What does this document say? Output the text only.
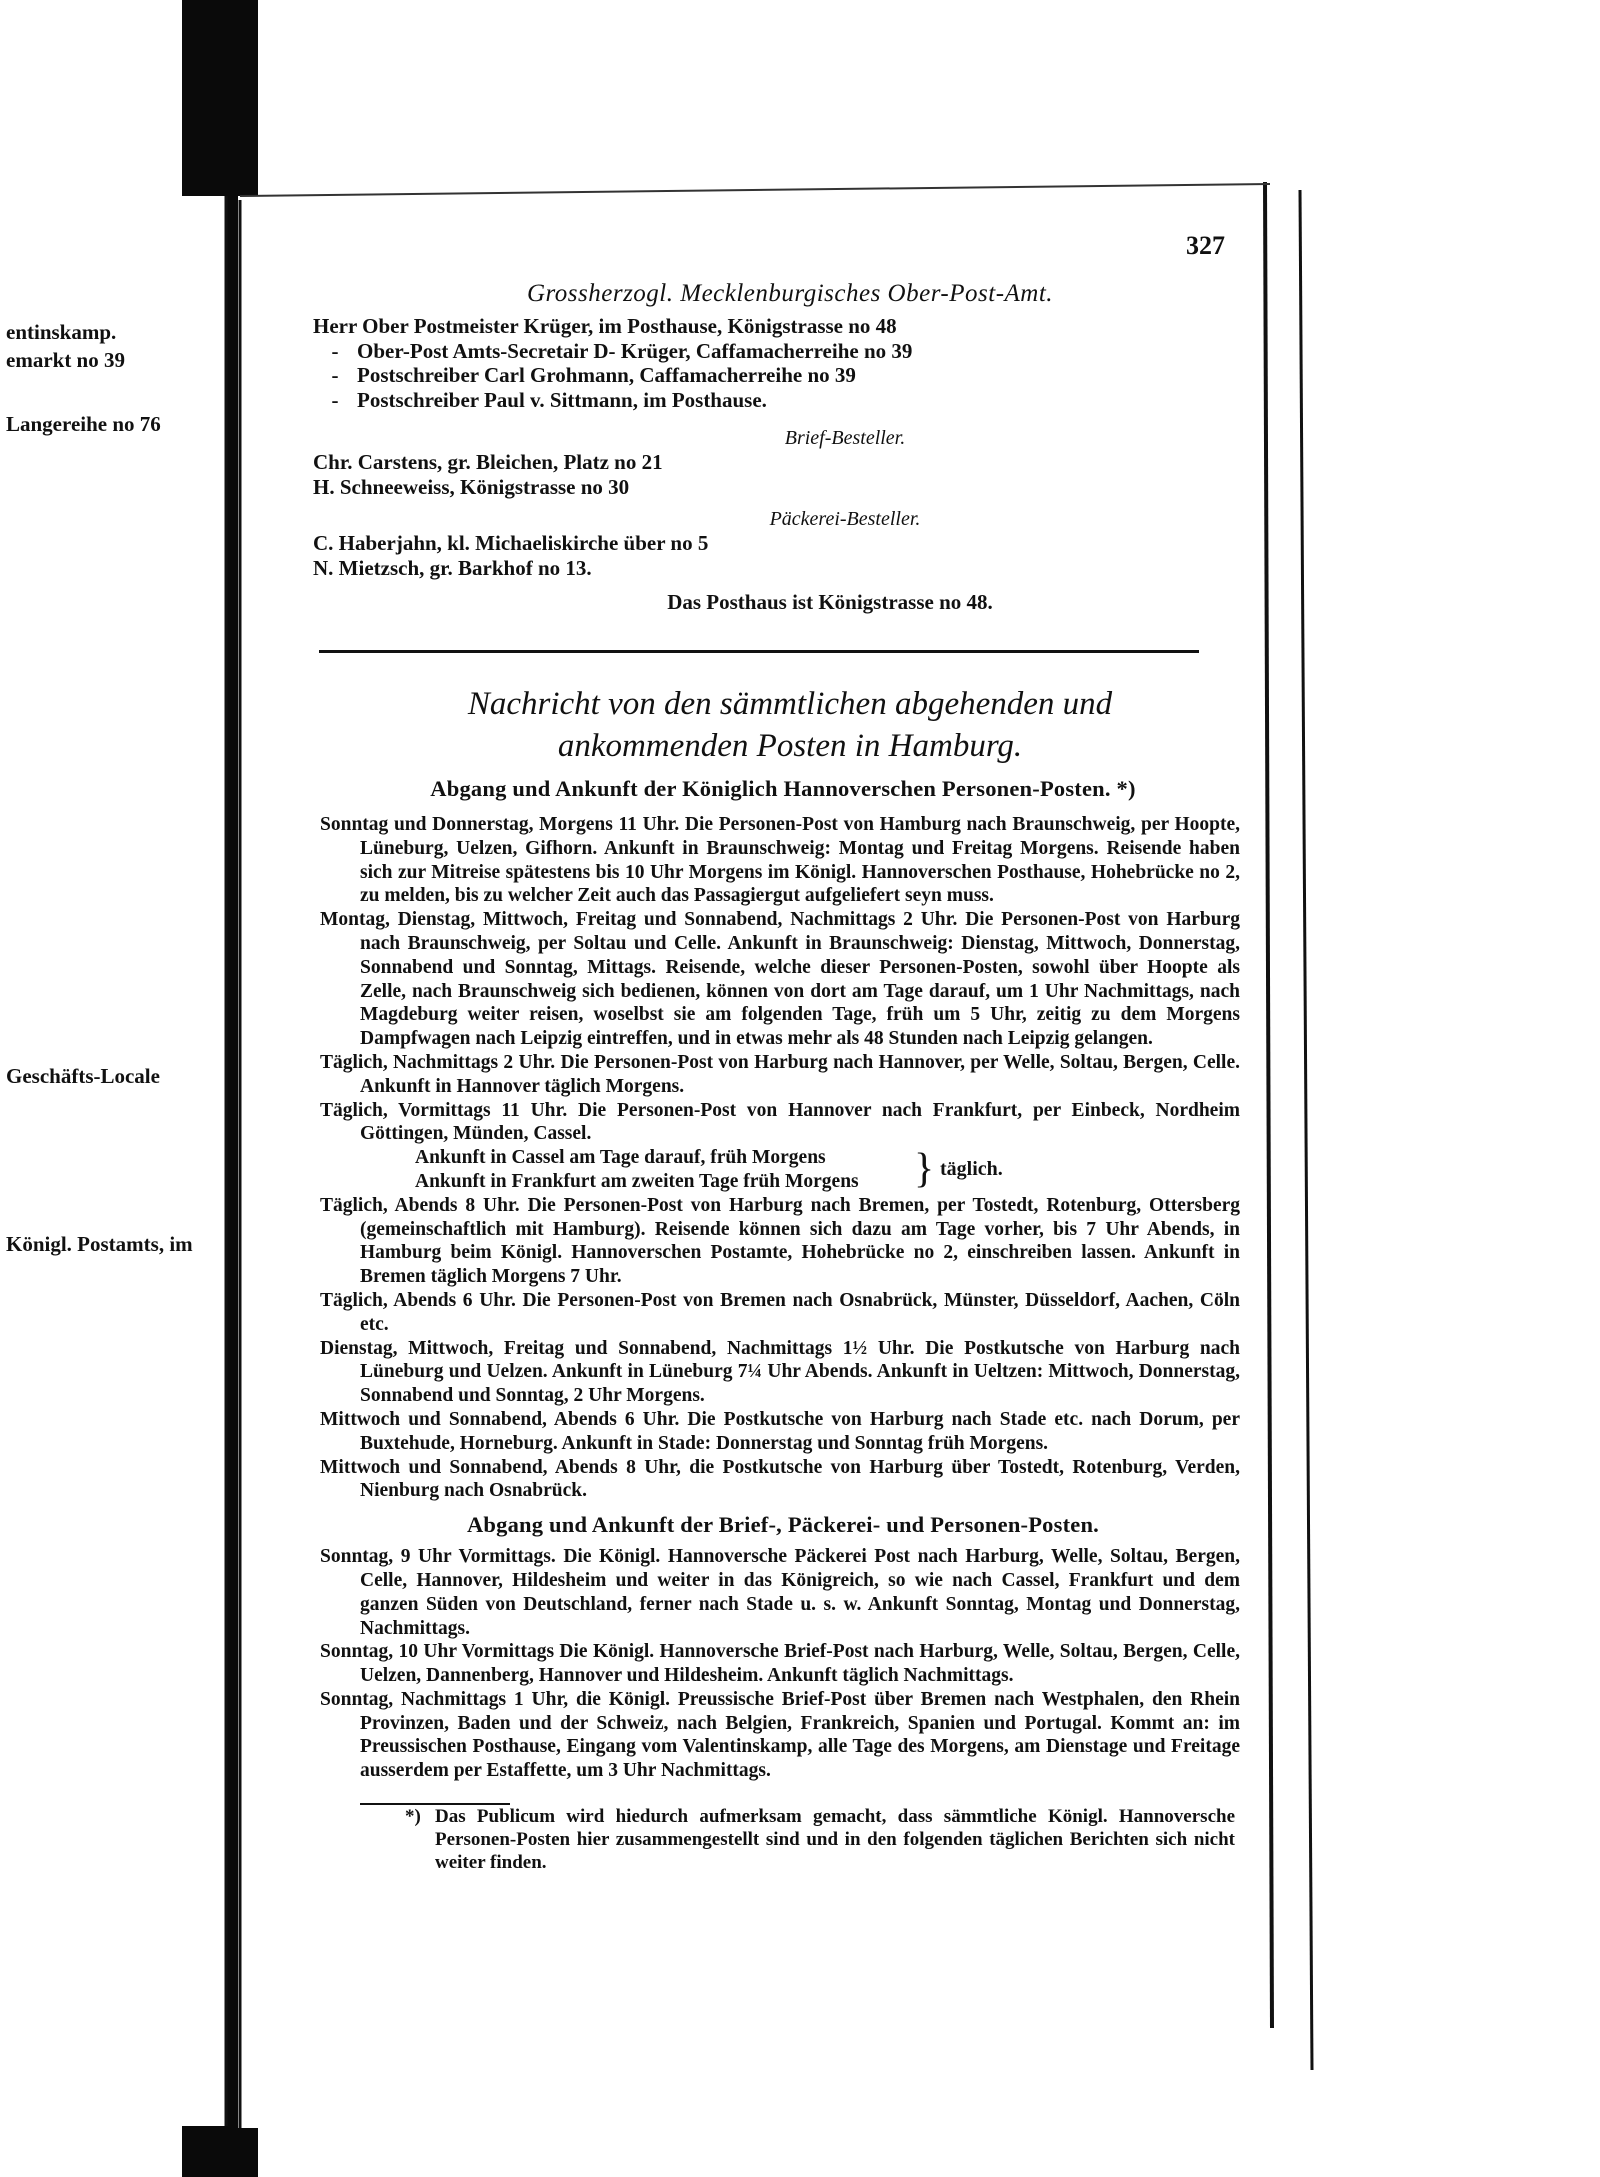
entinskamp.
emarkt no 39
Langereihe no 76
Geschäfts-Locale
Königl. Postamts, im
327
Grossherzogl. Mecklenburgisches Ober-Post-Amt.
Herr Ober Postmeister Krüger, im Posthause, Königstrasse no 48
- Ober-Post Amts-Secretair D- Krüger, Caffamacherreihe no 39
- Postschreiber Carl Grohmann, Caffamacherreihe no 39
- Postschreiber Paul v. Sittmann, im Posthause.
Brief-Besteller.
Chr. Carstens, gr. Bleichen, Platz no 21
H. Schneeweiss, Königstrasse no 30
Päckerei-Besteller.
C. Haberjahn, kl. Michaeliskirche über no 5
N. Mietzsch, gr. Barkhof no 13.
Das Posthaus ist Königstrasse no 48.
Nachricht von den sämmtlichen abgehenden und
ankommenden Posten in Hamburg.
Abgang und Ankunft der Königlich Hannoverschen Personen-Posten. *)
Sonntag und Donnerstag, Morgens 11 Uhr. Die Personen-Post von Hamburg nach Braunschweig, per Hoopte, Lüneburg, Uelzen, Gifhorn. Ankunft in Braunschweig: Montag und Freitag Morgens. Reisende haben sich zur Mitreise spätestens bis 10 Uhr Morgens im Königl. Hannoverschen Posthause, Hohebrücke no 2, zu melden, bis zu welcher Zeit auch das Passagiergut aufgeliefert seyn muss.
Montag, Dienstag, Mittwoch, Freitag und Sonnabend, Nachmittags 2 Uhr. Die Personen-Post von Harburg nach Braunschweig, per Soltau und Celle. Ankunft in Braunschweig: Dienstag, Mittwoch, Donnerstag, Sonnabend und Sonntag, Mittags. Reisende, welche dieser Personen-Posten, sowohl über Hoopte als Zelle, nach Braunschweig sich bedienen, können von dort am Tage darauf, um 1 Uhr Nachmittags, nach Magdeburg weiter reisen, woselbst sie am folgenden Tage, früh um 5 Uhr, zeitig zu dem Morgens Dampfwagen nach Leipzig eintreffen, und in etwas mehr als 48 Stunden nach Leipzig gelangen.
Täglich, Nachmittags 2 Uhr. Die Personen-Post von Harburg nach Hannover, per Welle, Soltau, Bergen, Celle. Ankunft in Hannover täglich Morgens.
Täglich, Vormittags 11 Uhr. Die Personen-Post von Hannover nach Frankfurt, per Einbeck, Nordheim Göttingen, Münden, Cassel.
Ankunft in Cassel am Tage darauf, früh Morgens
Ankunft in Frankfurt am zweiten Tage früh Morgens	} täglich.
Täglich, Abends 8 Uhr. Die Personen-Post von Harburg nach Bremen, per Tostedt, Rotenburg, Ottersberg (gemeinschaftlich mit Hamburg). Reisende können sich dazu am Tage vorher, bis 7 Uhr Abends, in Hamburg beim Königl. Hannoverschen Postamte, Hohebrücke no 2, einschreiben lassen. Ankunft in Bremen täglich Morgens 7 Uhr.
Täglich, Abends 6 Uhr. Die Personen-Post von Bremen nach Osnabrück, Münster, Düsseldorf, Aachen, Cöln etc.
Dienstag, Mittwoch, Freitag und Sonnabend, Nachmittags 1½ Uhr. Die Postkutsche von Harburg nach Lüneburg und Uelzen. Ankunft in Lüneburg 7¼ Uhr Abends. Ankunft in Ueltzen: Mittwoch, Donnerstag, Sonnabend und Sonntag, 2 Uhr Morgens.
Mittwoch und Sonnabend, Abends 6 Uhr. Die Postkutsche von Harburg nach Stade etc. nach Dorum, per Buxtehude, Horneburg. Ankunft in Stade: Donnerstag und Sonntag früh Morgens.
Mittwoch und Sonnabend, Abends 8 Uhr, die Postkutsche von Harburg über Tostedt, Rotenburg, Verden, Nienburg nach Osnabrück.
Abgang und Ankunft der Brief-, Päckerei- und Personen-Posten.
Sonntag, 9 Uhr Vormittags. Die Königl. Hannoversche Päckerei Post nach Harburg, Welle, Soltau, Bergen, Celle, Hannover, Hildesheim und weiter in das Königreich, so wie nach Cassel, Frankfurt und dem ganzen Süden von Deutschland, ferner nach Stade u. s. w. Ankunft Sonntag, Montag und Donnerstag, Nachmittags.
Sonntag, 10 Uhr Vormittags Die Königl. Hannoversche Brief-Post nach Harburg, Welle, Soltau, Bergen, Celle, Uelzen, Dannenberg, Hannover und Hildesheim. Ankunft täglich Nachmittags.
Sonntag, Nachmittags 1 Uhr, die Königl. Preussische Brief-Post über Bremen nach Westphalen, den Rhein Provinzen, Baden und der Schweiz, nach Belgien, Frankreich, Spanien und Portugal. Kommt an: im Preussischen Posthause, Eingang vom Valentinskamp, alle Tage des Morgens, am Dienstage und Freitage ausserdem per Estaffette, um 3 Uhr Nachmittags.
*) Das Publicum wird hiedurch aufmerksam gemacht, dass sämmtliche Königl. Hannoversche Personen-Posten hier zusammengestellt sind und in den folgenden täglichen Berichten sich nicht weiter finden.
